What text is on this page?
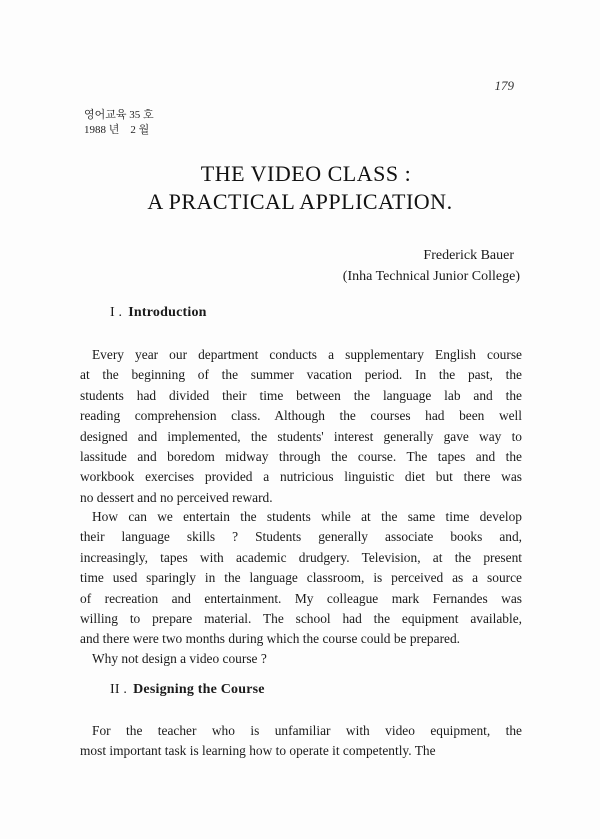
179
영어교육 35 호
1988 년    2 월
THE VIDEO CLASS :
A PRACTICAL APPLICATION.
Frederick Bauer
(Inha Technical Junior College)
I . Introduction
Every year our department conducts a supplementary English course
at the beginning of the summer vacation period. In the past, the
students had divided their time between the language lab and the
reading comprehension class. Although the courses had been well
designed and implemented, the students' interest generally gave way to
lassitude and boredom midway through the course. The tapes and the
workbook exercises provided a nutricious linguistic diet but there was
no dessert and no perceived reward.
How can we entertain the students while at the same time develop
their language skills ? Students generally associate books and,
increasingly, tapes with academic drudgery. Television, at the present
time used sparingly in the language classroom, is perceived as a source
of recreation and entertainment. My colleague mark Fernandes was
willing to prepare material. The school had the equipment available,
and there were two months during which the course could be prepared.
Why not design a video course ?
II . Designing the Course
For the teacher who is unfamiliar with video equipment, the
most important task is learning how to operate it competently. The
